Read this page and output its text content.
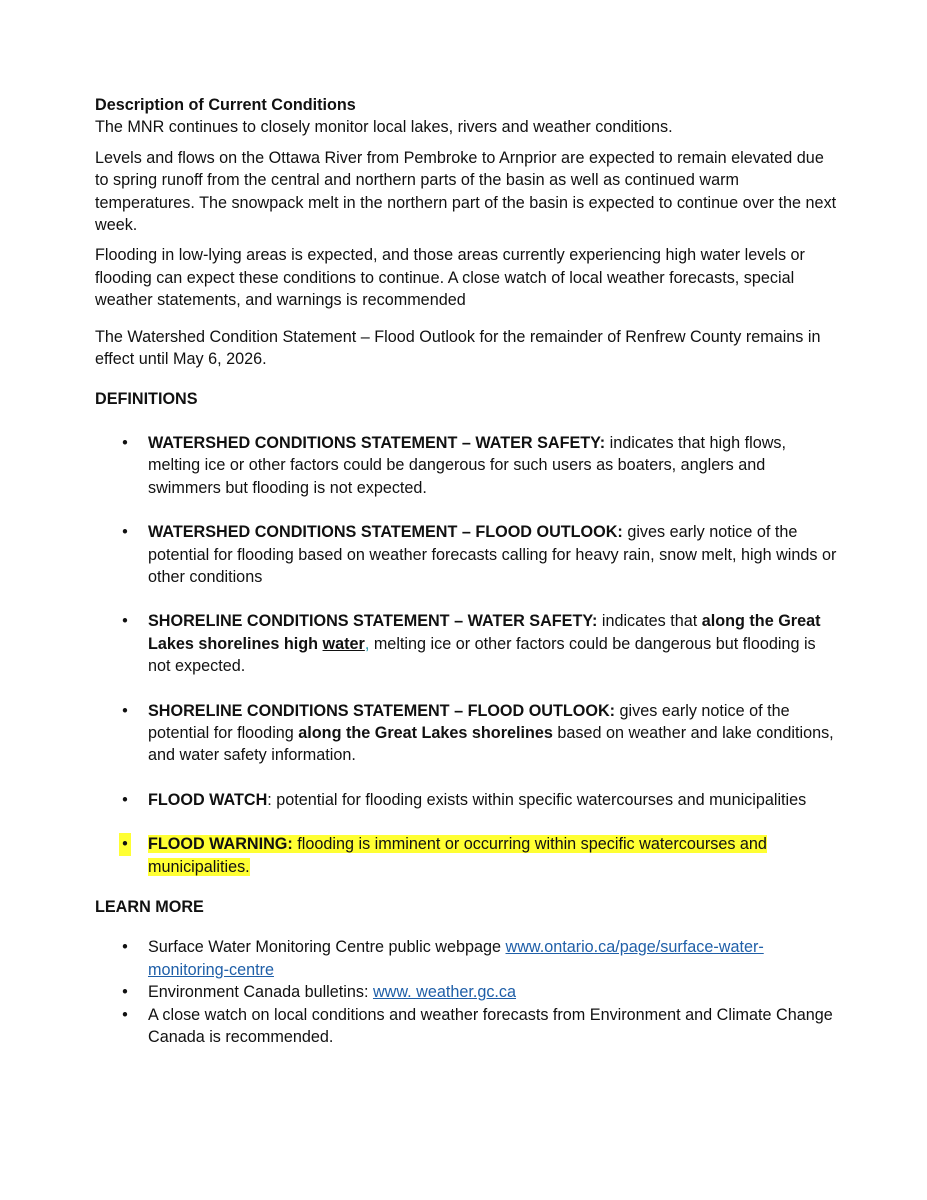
Description of Current Conditions

The MNR continues to closely monitor local lakes, rivers and weather conditions.

Levels and flows on the Ottawa River from Pembroke to Arnprior are expected to remain elevated due to spring runoff from the central and northern parts of the basin as well as continued warm temperatures. The snowpack melt in the northern part of the basin is expected to continue over the next week.

Flooding in low-lying areas is expected, and those areas currently experiencing high water levels or flooding can expect these conditions to continue. A close watch of local weather forecasts, special weather statements, and warnings is recommended

The Watershed Condition Statement – Flood Outlook for the remainder of Renfrew County remains in effect until May 6, 2026.

DEFINITIONS

• WATERSHED CONDITIONS STATEMENT – WATER SAFETY: indicates that high flows, melting ice or other factors could be dangerous for such users as boaters, anglers and swimmers but flooding is not expected.
• WATERSHED CONDITIONS STATEMENT – FLOOD OUTLOOK: gives early notice of the potential for flooding based on weather forecasts calling for heavy rain, snow melt, high winds or other conditions
• SHORELINE CONDITIONS STATEMENT – WATER SAFETY: indicates that along the Great Lakes shorelines high water, melting ice or other factors could be dangerous but flooding is not expected.
• SHORELINE CONDITIONS STATEMENT – FLOOD OUTLOOK: gives early notice of the potential for flooding along the Great Lakes shorelines based on weather and lake conditions, and water safety information.
• FLOOD WATCH: potential for flooding exists within specific watercourses and municipalities
• FLOOD WARNING: flooding is imminent or occurring within specific watercourses and municipalities.

LEARN MORE

• Surface Water Monitoring Centre public webpage www.ontario.ca/page/surface-water-monitoring-centre
• Environment Canada bulletins: www. weather.gc.ca
• A close watch on local conditions and weather forecasts from Environment and Climate Change Canada is recommended.
